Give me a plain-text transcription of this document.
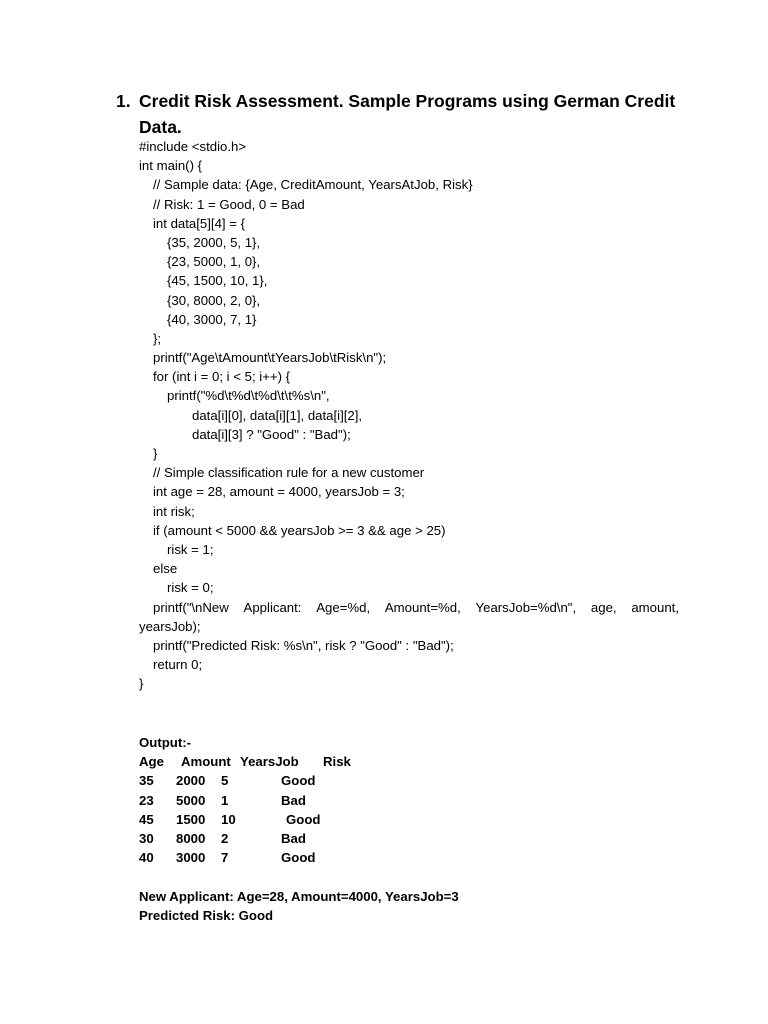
1. Credit Risk Assessment. Sample Programs using German Credit Data.
#include <stdio.h>
int main() {
// Sample data: {Age, CreditAmount, YearsAtJob, Risk}
// Risk: 1 = Good, 0 = Bad
int data[5][4] = {
{35, 2000, 5, 1},
{23, 5000, 1, 0},
{45, 1500, 10, 1},
{30, 8000, 2, 0},
{40, 3000, 7, 1}
};
printf("Age\tAmount\tYearsJob\tRisk\n");
for (int i = 0; i < 5; i++) {
printf("%d\t%d\t%d\t\t%s\n",
data[i][0], data[i][1], data[i][2],
data[i][3] ? "Good" : "Bad");
}
// Simple classification rule for a new customer
int age = 28, amount = 4000, yearsJob = 3;
int risk;
if (amount < 5000 && yearsJob >= 3 && age > 25)
risk = 1;
else
risk = 0;
printf("\nNew Applicant: Age=%d, Amount=%d, YearsJob=%d\n", age, amount,
yearsJob);
printf("Predicted Risk: %s\n", risk ? "Good" : "Bad");
return 0;
}
Output:-
Age Amount YearsJob Risk
35 2000 5	Good
23 5000 1	Bad
45 1500 10	Good
30 8000 2	Bad
40 3000 7	Good
New Applicant: Age=28, Amount=4000, YearsJob=3
Predicted Risk: Good
